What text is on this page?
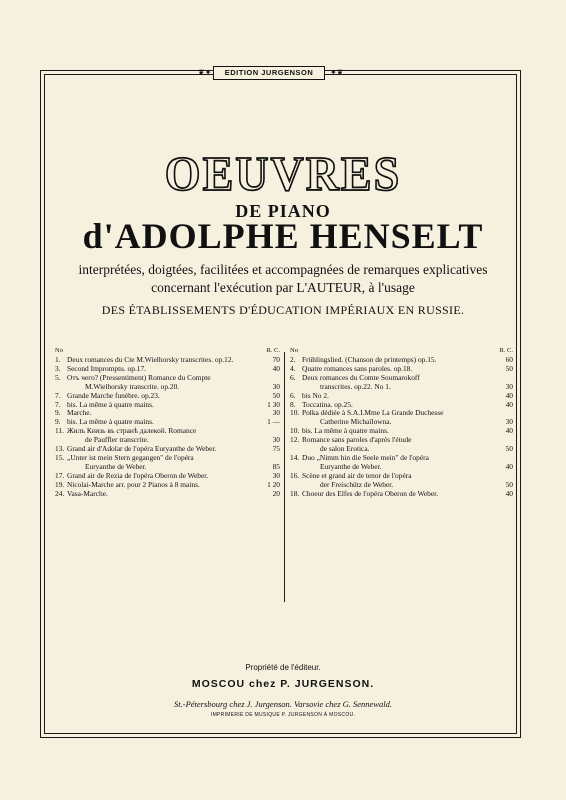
❦✦	EDITION JURGENSON	✦❦
OEUVRES
DE PIANO
d'ADOLPHE HENSELT
interprétées, doigtées, facilitées et accompagnées de remarques explicatives
concernant l'exécution par L'AUTEUR, à l'usage
DES ÉTABLISSEMENTS D'ÉDUCATION IMPÉRIAUX EN RUSSIE.
No	R. C.
1. Deux romances du Cte M.Wielhorsky transcrites. op.12.	70
3. Second Impromptu. op.17.	40
5. Отъ чего? (Pressentiment) Romance du Compte
M.Wielhorsky transcrite. op.20.	30
7. Grande Marche funèbre. op.23.	50
7. bis. La même à quatre mains.	1 30
9. Marche.	30
9. bis. La même à quatre mains.	1 —
11. Жилъ Князь въ странѣ далекой. Romance
de Pauffler transcrite.	30
13. Grand air d'Adolar de l'opéra Euryanthe de Weber.	75
15. „Unter ist mein Stern gegangen" de l'opéra
Euryanthe de Weber.	85
17. Grand air de Rezia de l'opéra Oberon de Weber.	30
19. Nicolai-Marche arr. pour 2 Pianos à 8 mains.	1 20
24. Vasa-Marche.	20
No	R. C.
2. Frühlingslied. (Chanson de printemps) op.15.	60
4. Quatre romances sans paroles. op.18.	50
6. Deux romances du Comte Soumarokoff
transcrites. op.22. No 1.	30
6. bis No 2.	40
8. Toccatina. op.25.	40
10. Polka dédiée à S.A.I.Mme La Grande Duchesse
Catherine Michaïlowna.	30
10. bis. La même à quatre mains.	40
12. Romance sans paroles d'après l'étude
de salon Erotica.	50
14. Duo „Nimm hin die Seele mein" de l'opéra
Euryanthe de Weber.	40
16. Scène et grand air de tenor de l'opéra
der Freischütz de Weber.	50
18. Choeur des Elfes de l'opéra Oberon de Weber.	40
Propriété de l'éditeur.
MOSCOU chez P. JURGENSON.
St.-Pétersbourg chez J. Jurgenson. Varsovie chez G. Sennewald.
IMPRIMERIE DE MUSIQUE P. JURGENSON À MOSCOU.
